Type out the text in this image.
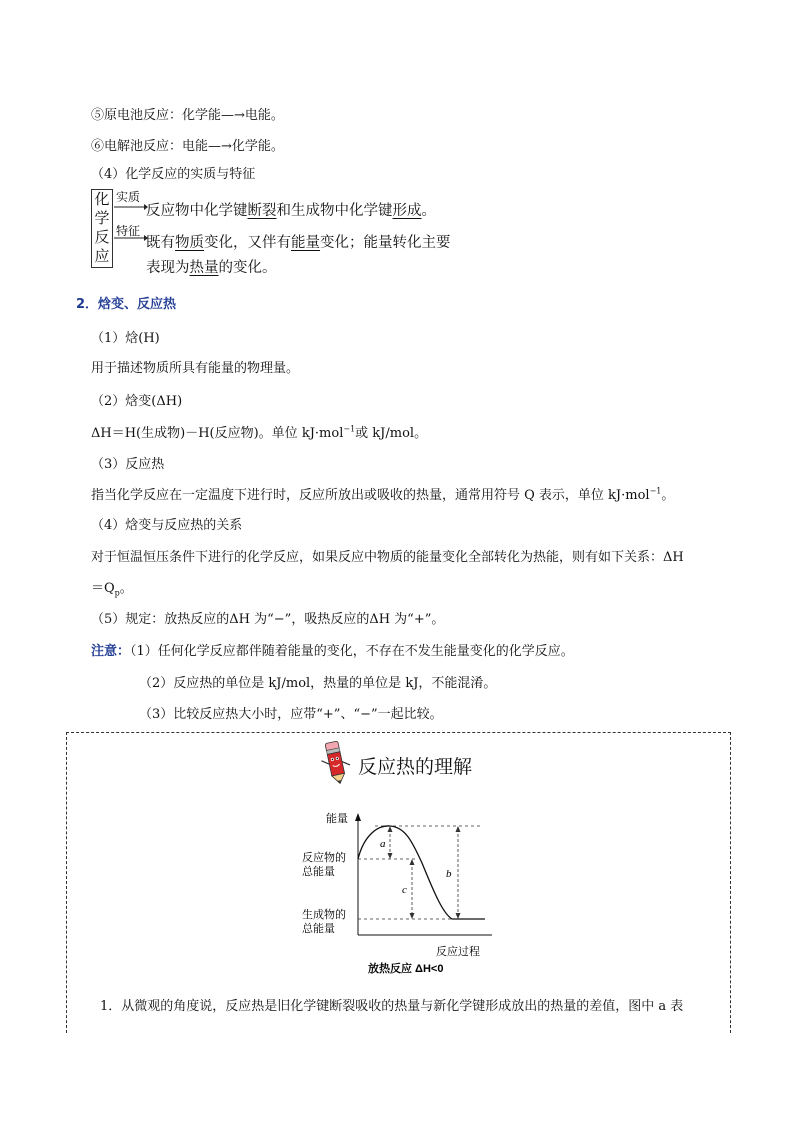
⑤原电池反应：化学能—→电能。
⑥电解池反应：电能—→化学能。
（4）化学反应的实质与特征
化
学
反
应
实质
特征
反应物中化学键断裂和生成物中化学键形成。
既有物质变化，又伴有能量变化；能量转化主要
表现为热量的变化。
2．焓变、反应热
（1）焓(H)
用于描述物质所具有能量的物理量。
（2）焓变(ΔH)
ΔH＝H(生成物)－H(反应物)。单位 kJ·mol$^{-1}$或 kJ/mol。
（3）反应热
指当化学反应在一定温度下进行时，反应所放出或吸收的热量，通常用符号 Q 表示，单位 kJ·mol$^{-1}$。
（4）焓变与反应热的关系
对于恒温恒压条件下进行的化学反应，如果反应中物质的能量变化全部转化为热能，则有如下关系：ΔH
$=Q_p$。
（5）规定：放热反应的ΔH 为“−”，吸热反应的ΔH 为“+”。
注意：（1）任何化学反应都伴随着能量的变化，不存在不发生能量变化的化学反应。
（2）反应热的单位是 kJ/mol，热量的单位是 kJ，不能混淆。
（3）比较反应热大小时，应带“+”、“−”一起比较。
反应热的理解
能量
反应物的
总能量
生成物的
总能量
a
c
b
反应过程
放热反应 ΔH<0
1．从微观的角度说，反应热是旧化学键断裂吸收的热量与新化学键形成放出的热量的差值，图中 a 表
